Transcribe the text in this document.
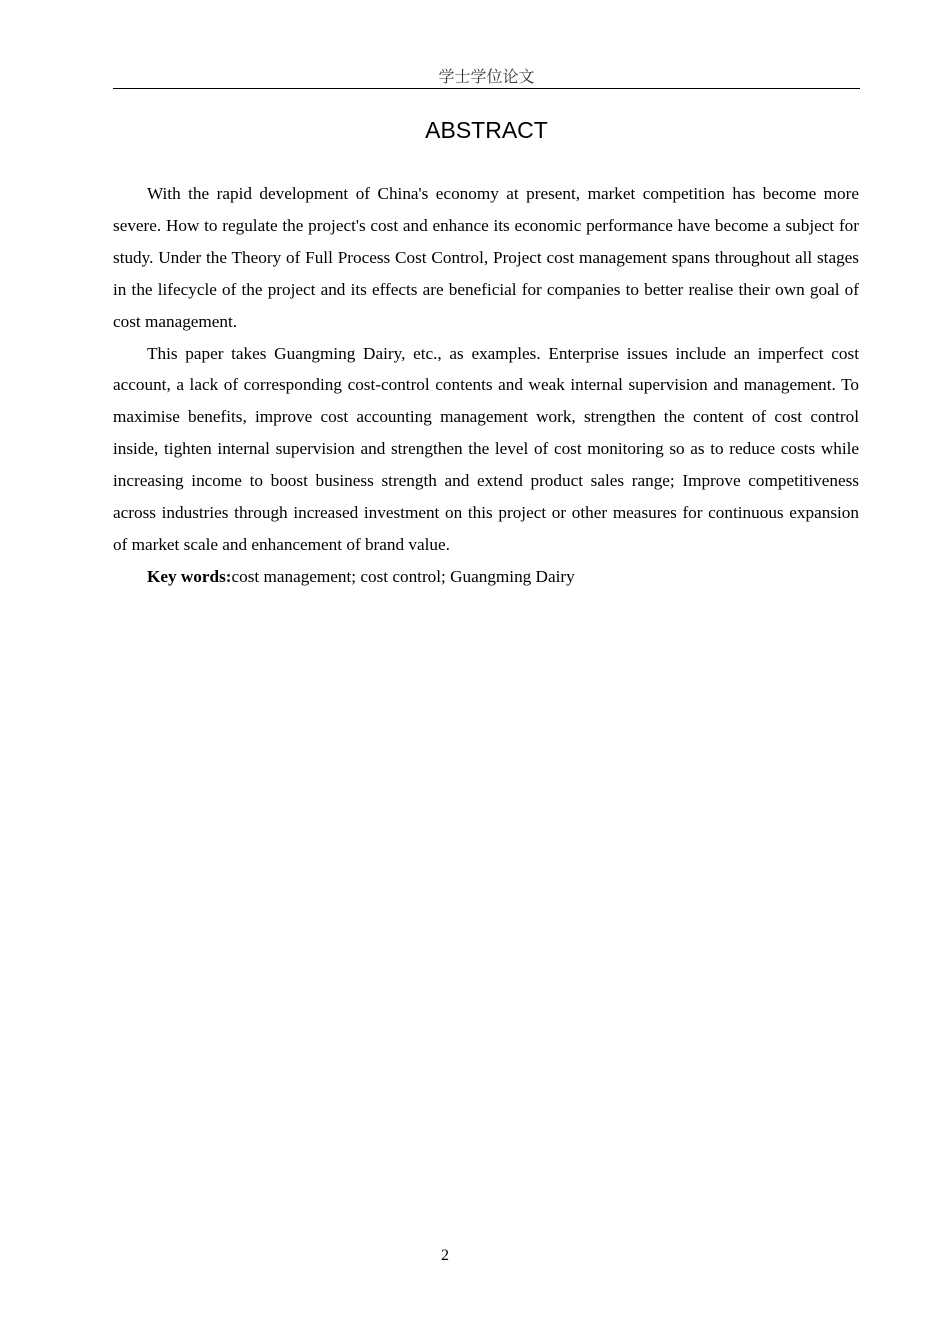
学士学位论文
ABSTRACT

With the rapid development of China's economy at present, market competition has become more severe. How to regulate the project's cost and enhance its economic performance have become a subject for study. Under the Theory of Full Process Cost Control, Project cost management spans throughout all stages in the lifecycle of the project and its effects are beneficial for companies to better realise their own goal of cost management.

This paper takes Guangming Dairy, etc., as examples. Enterprise issues include an imperfect cost account, a lack of corresponding cost-control contents and weak internal supervision and management. To maximise benefits, improve cost accounting management work, strengthen the content of cost control inside, tighten internal supervision and strengthen the level of cost monitoring so as to reduce costs while increasing income to boost business strength and extend product sales range; Improve competitiveness across industries through increased investment on this project or other measures for continuous expansion of market scale and enhancement of brand value.

Key words:cost management; cost control; Guangming Dairy

2
